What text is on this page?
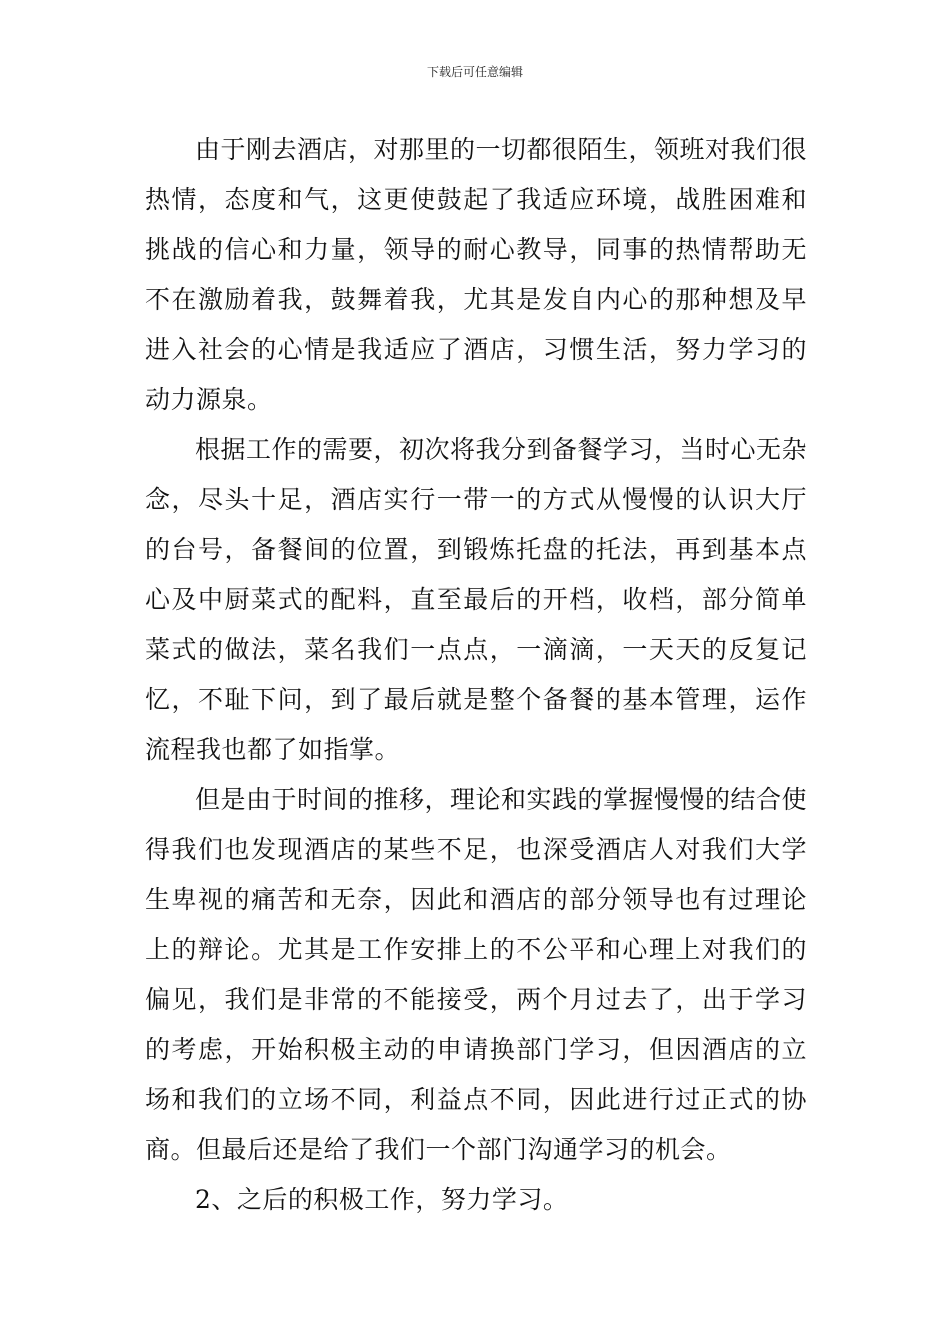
下载后可任意编辑

由于刚去酒店，对那里的一切都很陌生，领班对我们很热情，态度和气，这更使鼓起了我适应环境，战胜困难和挑战的信心和力量，领导的耐心教导，同事的热情帮助无不在激励着我，鼓舞着我，尤其是发自内心的那种想及早进入社会的心情是我适应了酒店，习惯生活，努力学习的动力源泉。

根据工作的需要，初次将我分到备餐学习，当时心无杂念，尽头十足，酒店实行一带一的方式从慢慢的认识大厅的台号，备餐间的位置，到锻炼托盘的托法，再到基本点心及中厨菜式的配料，直至最后的开档，收档，部分简单菜式的做法，菜名我们一点点，一滴滴，一天天的反复记忆，不耻下问，到了最后就是整个备餐的基本管理，运作流程我也都了如指掌。

但是由于时间的推移，理论和实践的掌握慢慢的结合使得我们也发现酒店的某些不足，也深受酒店人对我们大学生卑视的痛苦和无奈，因此和酒店的部分领导也有过理论上的辩论。尤其是工作安排上的不公平和心理上对我们的偏见，我们是非常的不能接受，两个月过去了，出于学习的考虑，开始积极主动的申请换部门学习，但因酒店的立场和我们的立场不同，利益点不同，因此进行过正式的协商。但最后还是给了我们一个部门沟通学习的机会。

2、之后的积极工作，努力学习。
